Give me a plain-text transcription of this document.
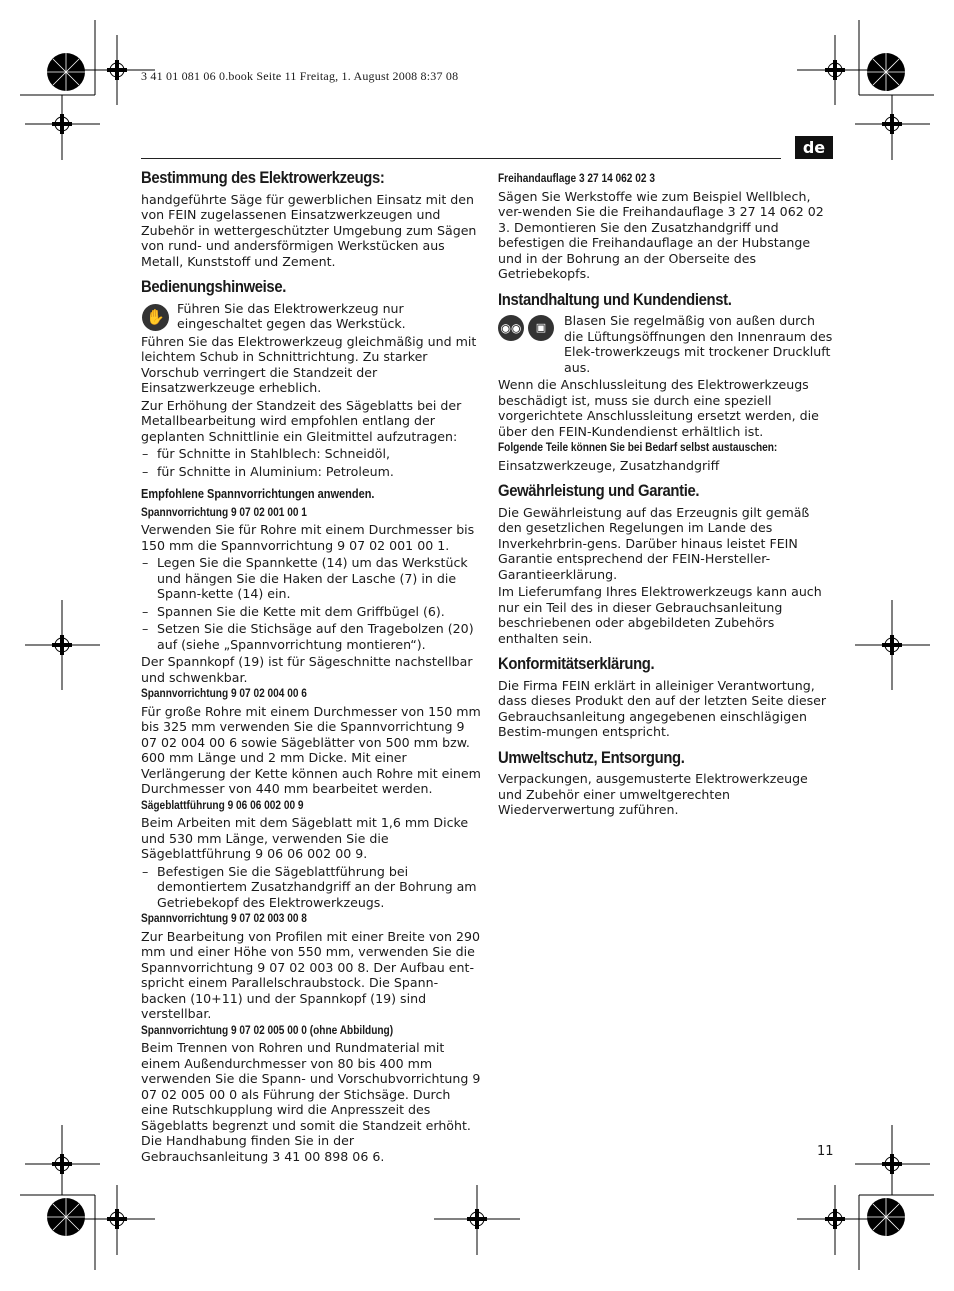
3 41 01 081 06 0.book Seite 11 Freitag, 1. August 2008 8:37 08
de
Bestimmung des Elektrowerkzeugs:

handgeführte Säge für gewerblichen Einsatz mit den von FEIN zugelassenen Einsatzwerkzeugen und Zubehör in wettergeschützter Umgebung zum Sägen von rund- und andersförmigen Werkstücken aus Metall, Kunststoff und Zement.

Bedienungshinweise.
✋ Führen Sie das Elektrowerkzeug nur eingeschaltet gegen das Werkstück.

Führen Sie das Elektrowerkzeug gleichmäßig und mit leichtem Schub in Schnittrichtung. Zu starker Vorschub verringert die Standzeit der Einsatzwerkzeuge erheblich.

Zur Erhöhung der Standzeit des Sägeblatts bei der Metallbearbeitung wird empfohlen entlang der geplanten Schnittlinie ein Gleitmittel aufzutragen:

– für Schnitte in Stahlblech: Schneidöl,
– für Schnitte in Aluminium: Petroleum.
Empfohlene Spannvorrichtungen anwenden.
Spannvorrichtung 9 07 02 001 00 1

Verwenden Sie für Rohre mit einem Durchmesser bis 150 mm die Spannvorrichtung 9 07 02 001 00 1.

– Legen Sie die Spannkette (14) um das Werkstück und hängen Sie die Haken der Lasche (7) in die Spann-kette (14) ein.
– Spannen Sie die Kette mit dem Griffbügel (6).
– Setzen Sie die Stichsäge auf den Tragebolzen (20) auf (siehe „Spannvorrichtung montieren“).

Der Spannkopf (19) ist für Sägeschnitte nachstellbar und schwenkbar.

Spannvorrichtung 9 07 02 004 00 6

Für große Rohre mit einem Durchmesser von 150 mm bis 325 mm verwenden Sie die Spannvorrichtung 9 07 02 004 00 6 sowie Sägeblätter von 500 mm bzw. 600 mm Länge und 2 mm Dicke. Mit einer Verlängerung der Kette können auch Rohre mit einem Durchmesser von 440 mm bearbeitet werden.

Sägeblattführung 9 06 06 002 00 9

Beim Arbeiten mit dem Sägeblatt mit 1,6 mm Dicke und 530 mm Länge, verwenden Sie die Sägeblattführung 9 06 06 002 00 9.

– Befestigen Sie die Sägeblattführung bei demontiertem Zusatzhandgriff an der Bohrung am Getriebekopf des Elektrowerkzeugs.
Spannvorrichtung 9 07 02 003 00 8

Zur Bearbeitung von Profilen mit einer Breite von 290 mm und einer Höhe von 550 mm, verwenden Sie die Spannvorrichtung 9 07 02 003 00 8. Der Aufbau ent-spricht einem Parallelschraubstock. Die Spann-backen (10+11) und der Spannkopf (19) sind verstellbar.

Spannvorrichtung 9 07 02 005 00 0 (ohne Abbildung)

Beim Trennen von Rohren und Rundmaterial mit einem Außendurchmesser von 80 bis 400 mm verwenden Sie die Spann- und Vorschubvorrichtung 9 07 02 005 00 0 als Führung der Stichsäge. Durch eine Rutschkupplung wird die Anpresszeit des Sägeblatts begrenzt und somit die Standzeit erhöht. Die Handhabung finden Sie in der Gebrauchsanleitung 3 41 00 898 06 6.

Freihandauflage 3 27 14 062 02 3

Sägen Sie Werkstoffe wie zum Beispiel Wellblech, ver-wenden Sie die Freihandauflage 3 27 14 062 02 3. Demontieren Sie den Zusatzhandgriff und befestigen die Freihandauflage an der Hubstange und in der Bohrung an der Oberseite des Getriebekopfs.

Instandhaltung und Kundendienst.
◉◉	▣	Blasen Sie regelmäßig von außen durch die Lüftungsöffnungen den Innenraum des Elek-trowerkzeugs mit trockener Druckluft aus.

Wenn die Anschlussleitung des Elektrowerkzeugs beschädigt ist, muss sie durch eine speziell vorgerichtete Anschlussleitung ersetzt werden, die über den FEIN-Kundendienst erhältlich ist.

Folgende Teile können Sie bei Bedarf selbst austauschen:

Einsatzwerkzeuge, Zusatzhandgriff

Gewährleistung und Garantie.

Die Gewährleistung auf das Erzeugnis gilt gemäß den gesetzlichen Regelungen im Lande des Inverkehrbrin-gens. Darüber hinaus leistet FEIN Garantie entsprechend der FEIN-Hersteller-Garantieerklärung.

Im Lieferumfang Ihres Elektrowerkzeugs kann auch nur ein Teil des in dieser Gebrauchsanleitung beschriebenen oder abgebildeten Zubehörs enthalten sein.

Konformitätserklärung.

Die Firma FEIN erklärt in alleiniger Verantwortung, dass dieses Produkt den auf der letzten Seite dieser Gebrauchsanleitung angegebenen einschlägigen Bestim-mungen entspricht.

Umweltschutz, Entsorgung.

Verpackungen, ausgemusterte Elektrowerkzeuge und Zubehör einer umweltgerechten Wiederverwertung zuführen.

11
